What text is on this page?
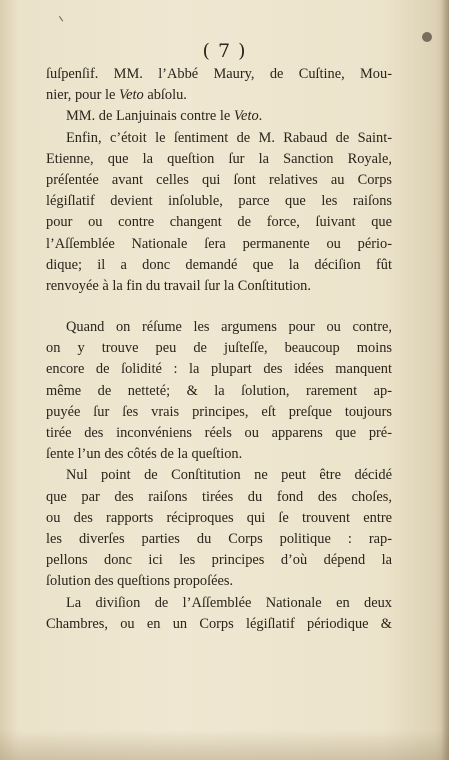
( 7 )
ſuſpenſif. MM. l’Abbé Maury, de Cuſtine, Mou-
nier, pour le Veto abſolu.
MM. de Lanjuinais contre le Veto.
Enfin, c’étoit le ſentiment de M. Rabaud de Saint-
Etienne, que la queſtion ſur la Sanction Royale,
préſentée avant celles qui ſont relatives au Corps
légiſlatif devient inſoluble, parce que les raiſons
pour ou contre changent de force, ſuivant que
l’Aſſemblée Nationale ſera permanente ou pério-
dique; il a donc demandé que la déciſion fût
renvoyée à la fin du travail ſur la Conſtitution.
Quand on réſume les argumens pour ou contre,
on y trouve peu de juſteſſe, beaucoup moins
encore de ſolidité : la plupart des idées manquent
même de netteté; & la ſolution, rarement ap-
puyée ſur ſes vrais principes, eſt preſque toujours
tirée des inconvéniens réels ou apparens que pré-
ſente l’un des côtés de la queſtion.
Nul point de Conſtitution ne peut être décidé
que par des raiſons tirées du fond des choſes,
ou des rapports réciproques qui ſe trouvent entre
les diverſes parties du Corps politique : rap-
pellons donc ici les principes d’où dépend la
ſolution des queſtions propoſées.
La diviſion de l’Aſſemblée Nationale en deux
Chambres, ou en un Corps légiſlatif périodique &
